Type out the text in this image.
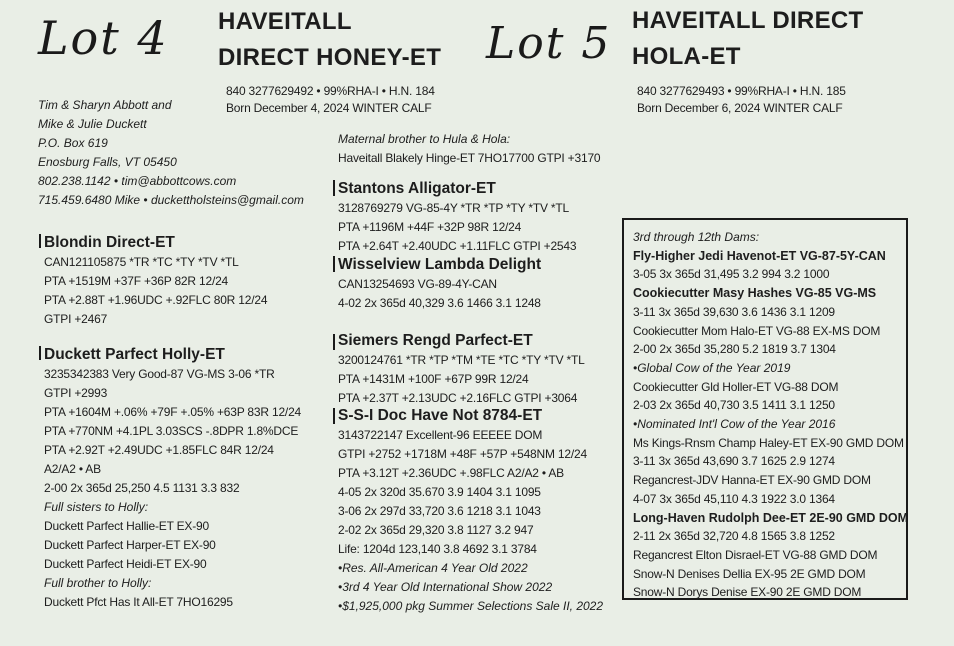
Lot 4 HAVEITALL
DIRECT HONEY-ET
840 3277629492 • 99%RHA-I • H.N. 184
Born December 4, 2024 WINTER CALF
Lot 5 HAVEITALL DIRECT
HOLA-ET
840 3277629493 • 99%RHA-I • H.N. 185
Born December 6, 2024 WINTER CALF
Tim & Sharyn Abbott and
Mike & Julie Duckett
P.O. Box 619
Enosburg Falls, VT 05450
802.238.1142 • tim@abbottcows.com
715.459.6480 Mike • duckettholsteins@gmail.com
Blondin Direct-ET
CAN121105875 *TR *TC *TY *TV *TL
PTA +1519M +37F +36P 82R 12/24
PTA +2.88T +1.96UDC +.92FLC 80R 12/24
GTPI +2467
Duckett Parfect Holly-ET
3235342383 Very Good-87 VG-MS 3-06 *TR
GTPI +2993
PTA +1604M +.06% +79F +.05% +63P 83R 12/24
PTA +770NM +4.1PL 3.03SCS -.8DPR 1.8%DCE
PTA +2.92T +2.49UDC +1.85FLC 84R 12/24
A2/A2 • AB
2-00 2x 365d 25,250 4.5 1131 3.3 832
Full sisters to Holly:
Duckett Parfect Hallie-ET EX-90
Duckett Parfect Harper-ET EX-90
Duckett Parfect Heidi-ET EX-90
Full brother to Holly:
Duckett Pfct Has It All-ET 7HO16295
Maternal brother to Hula & Hola:
Haveitall Blakely Hinge-ET 7HO17700 GTPI +3170
Stantons Alligator-ET
3128769279 VG-85-4Y *TR *TP *TY *TV *TL
PTA +1196M +44F +32P 98R 12/24
PTA +2.64T +2.40UDC +1.11FLC GTPI +2543
Wisselview Lambda Delight
CAN13254693 VG-89-4Y-CAN
4-02 2x 365d 40,329 3.6 1466 3.1 1248
Siemers Rengd Parfect-ET
3200124761 *TR *TP *TM *TE *TC *TY *TV *TL
PTA +1431M +100F +67P 99R 12/24
PTA +2.37T +2.13UDC +2.16FLC GTPI +3064
S-S-I Doc Have Not 8784-ET
3143722147 Excellent-96 EEEEE DOM
GTPI +2752 +1718M +48F +57P +548NM 12/24
PTA +3.12T +2.36UDC +.98FLC A2/A2 • AB
4-05 2x 320d 35.670 3.9 1404 3.1 1095
3-06 2x 297d 33,720 3.6 1218 3.1 1043
2-02 2x 365d 29,320 3.8 1127 3.2 947
Life: 1204d 123,140 3.8 4692 3.1 3784
•Res. All-American 4 Year Old 2022
•3rd 4 Year Old International Show 2022
•$1,925,000 pkg Summer Selections Sale II, 2022
3rd through 12th Dams:
Fly-Higher Jedi Havenot-ET VG-87-5Y-CAN
3-05 3x 365d 31,495 3.2 994 3.2 1000
Cookiecutter Masy Hashes VG-85 VG-MS
3-11 3x 365d 39,630 3.6 1436 3.1 1209
Cookiecutter Mom Halo-ET VG-88 EX-MS DOM
2-00 2x 365d 35,280 5.2 1819 3.7 1304
•Global Cow of the Year 2019
Cookiecutter Gld Holler-ET VG-88 DOM
2-03 2x 365d 40,730 3.5 1411 3.1 1250
•Nominated Int'l Cow of the Year 2016
Ms Kings-Rnsm Champ Haley-ET EX-90 GMD DOM
3-11 3x 365d 43,690 3.7 1625 2.9 1274
Regancrest-JDV Hanna-ET EX-90 GMD DOM
4-07 3x 365d 45,110 4.3 1922 3.0 1364
Long-Haven Rudolph Dee-ET 2E-90 GMD DOM
2-11 2x 365d 32,720 4.8 1565 3.8 1252
Regancrest Elton Disrael-ET VG-88 GMD DOM
Snow-N Denises Dellia EX-95 2E GMD DOM
Snow-N Dorys Denise EX-90 2E GMD DOM
